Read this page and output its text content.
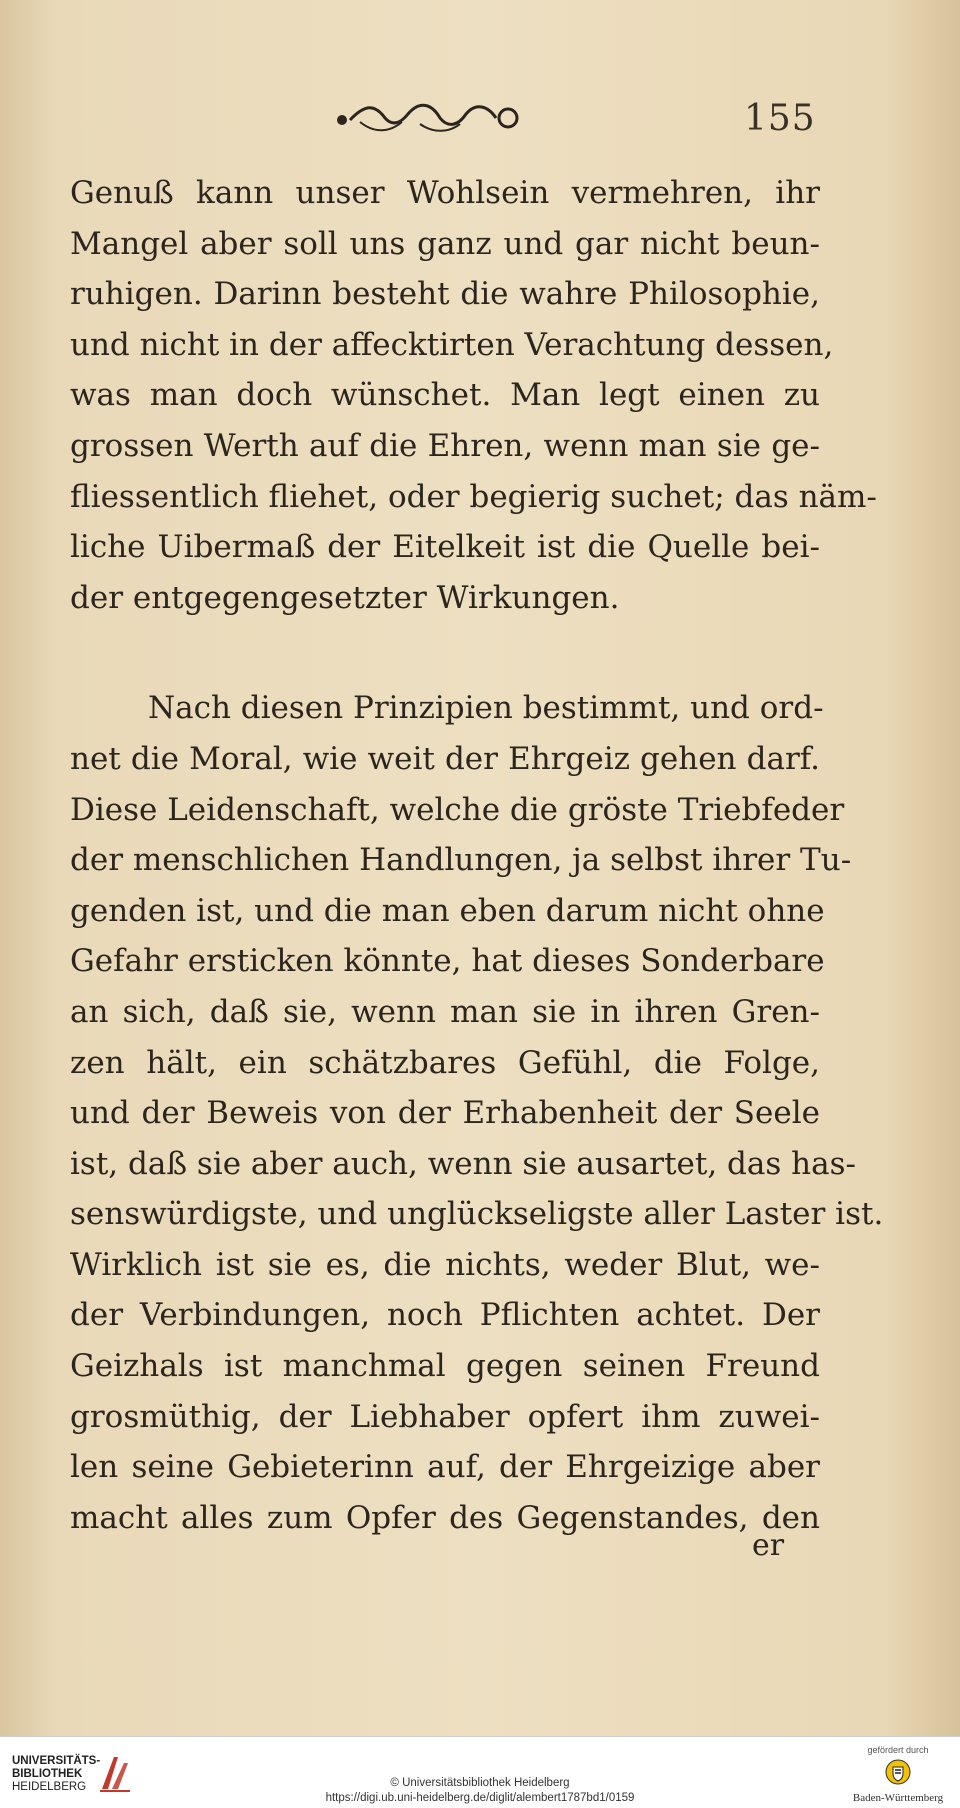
155
Genuß kann unser Wohlsein vermehren, ihr
Mangel aber soll uns ganz und gar nicht beun-
ruhigen. Darinn besteht die wahre Philosophie,
und nicht in der affecktirten Verachtung dessen,
was man doch wünschet. Man legt einen zu
grossen Werth auf die Ehren, wenn man sie ge-
fliessentlich fliehet, oder begierig suchet; das näm-
liche Uibermaß der Eitelkeit ist die Quelle bei-
der entgegengesetzter Wirkungen.
Nach diesen Prinzipien bestimmt, und ord-
net die Moral, wie weit der Ehrgeiz gehen darf.
Diese Leidenschaft, welche die gröste Triebfeder
der menschlichen Handlungen, ja selbst ihrer Tu-
genden ist, und die man eben darum nicht ohne
Gefahr ersticken könnte, hat dieses Sonderbare
an sich, daß sie, wenn man sie in ihren Gren-
zen hält, ein schätzbares Gefühl, die Folge,
und der Beweis von der Erhabenheit der Seele
ist, daß sie aber auch, wenn sie ausartet, das has-
senswürdigste, und unglückseligste aller Laster ist.
Wirklich ist sie es, die nichts, weder Blut, we-
der Verbindungen, noch Pflichten achtet. Der
Geizhals ist manchmal gegen seinen Freund
grosmüthig, der Liebhaber opfert ihm zuwei-
len seine Gebieterinn auf, der Ehrgeizige aber
macht alles zum Opfer des Gegenstandes, den
er
UNIVERSITÄTS-
BIBLIOTHEK
HEIDELBERG	© Universitätsbibliothek Heidelberg
https://digi.ub.uni-heidelberg.de/diglit/alembert1787bd1/0159
gefördert durch
Baden-Württemberg
